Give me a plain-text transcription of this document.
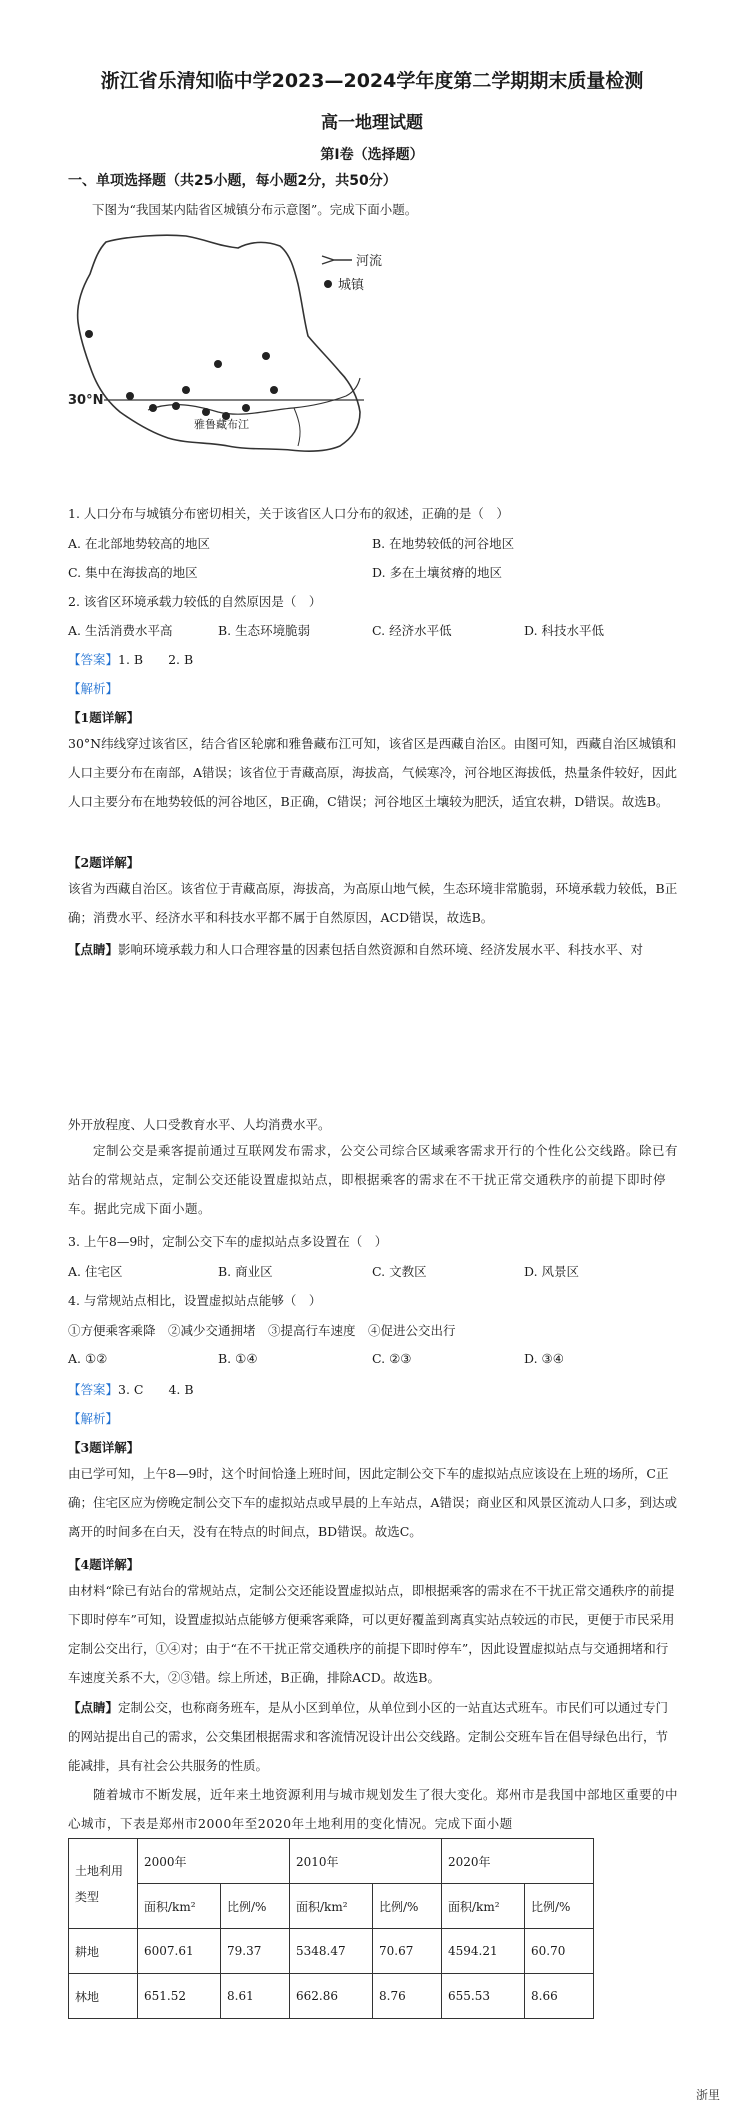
浙江省乐清知临中学2023—2024学年度第二学期期末质量检测
高一地理试题
第Ⅰ卷（选择题）
一、单项选择题（共25小题，每小题2分，共50分）
下图为“我国某内陆省区城镇分布示意图”。完成下面小题。
河流
城镇
30°N
雅鲁藏布江
1. 人口分布与城镇分布密切相关，关于该省区人口分布的叙述，正确的是（　）
A. 在北部地势较高的地区	B. 在地势较低的河谷地区
C. 集中在海拔高的地区	D. 多在土壤贫瘠的地区
2. 该省区环境承载力较低的自然原因是（　）
A. 生活消费水平高	B. 生态环境脆弱	C. 经济水平低	D. 科技水平低
【答案】1. B　　2. B
【解析】
【1题详解】
30°N纬线穿过该省区，结合省区轮廓和雅鲁藏布江可知，该省区是西藏自治区。由图可知，西藏自治区城镇和人口主要分布在南部，A错误；该省位于青藏高原，海拔高，气候寒冷，河谷地区海拔低，热量条件较好，因此人口主要分布在地势较低的河谷地区，B正确，C错误；河谷地区土壤较为肥沃，适宜农耕，D错误。故选B。
【2题详解】
该省为西藏自治区。该省位于青藏高原，海拔高，为高原山地气候，生态环境非常脆弱，环境承载力较低，B正确；消费水平、经济水平和科技水平都不属于自然原因，ACD错误，故选B。
【点睛】影响环境承载力和人口合理容量的因素包括自然资源和自然环境、经济发展水平、科技水平、对
外开放程度、人口受教育水平、人均消费水平。
定制公交是乘客提前通过互联网发布需求，公交公司综合区域乘客需求开行的个性化公交线路。除已有站台的常规站点，定制公交还能设置虚拟站点，即根据乘客的需求在不干扰正常交通秩序的前提下即时停车。据此完成下面小题。
3. 上午8—9时，定制公交下车的虚拟站点多设置在（　）
A. 住宅区	B. 商业区	C. 文教区	D. 风景区
4. 与常规站点相比，设置虚拟站点能够（　）
①方便乘客乘降　②减少交通拥堵　③提高行车速度　④促进公交出行
A. ①②	B. ①④	C. ②③	D. ③④
【答案】3. C　　4. B
【解析】
【3题详解】
由已学可知，上午8—9时，这个时间恰逢上班时间，因此定制公交下车的虚拟站点应该设在上班的场所，C正确；住宅区应为傍晚定制公交下车的虚拟站点或早晨的上车站点，A错误；商业区和风景区流动人口多，到达或离开的时间多在白天，没有在特点的时间点，BD错误。故选C。
【4题详解】
由材料“除已有站台的常规站点，定制公交还能设置虚拟站点，即根据乘客的需求在不干扰正常交通秩序的前提下即时停车”可知，设置虚拟站点能够方便乘客乘降，可以更好覆盖到离真实站点较远的市民，更便于市民采用定制公交出行，①④对；由于“在不干扰正常交通秩序的前提下即时停车”，因此设置虚拟站点与交通拥堵和行车速度关系不大，②③错。综上所述，B正确，排除ACD。故选B。
【点睛】定制公交，也称商务班车，是从小区到单位，从单位到小区的一站直达式班车。市民们可以通过专门的网站提出自己的需求，公交集团根据需求和客流情况设计出公交线路。定制公交班车旨在倡导绿色出行，节能减排，具有社会公共服务的性质。
随着城市不断发展，近年来土地资源利用与城市规划发生了很大变化。郑州市是我国中部地区重要的中心城市，下表是郑州市2000年至2020年土地利用的变化情况。完成下面小题
土地利用类型	2000年		2010年		2020年	
	面积/km²	比例/%	面积/km²	比例/%	面积/km²	比例/%
耕地	6007.61	79.37	5348.47	70.67	4594.21	60.70
林地	651.52	8.61	662.86	8.76	655.53	8.66
浙里
